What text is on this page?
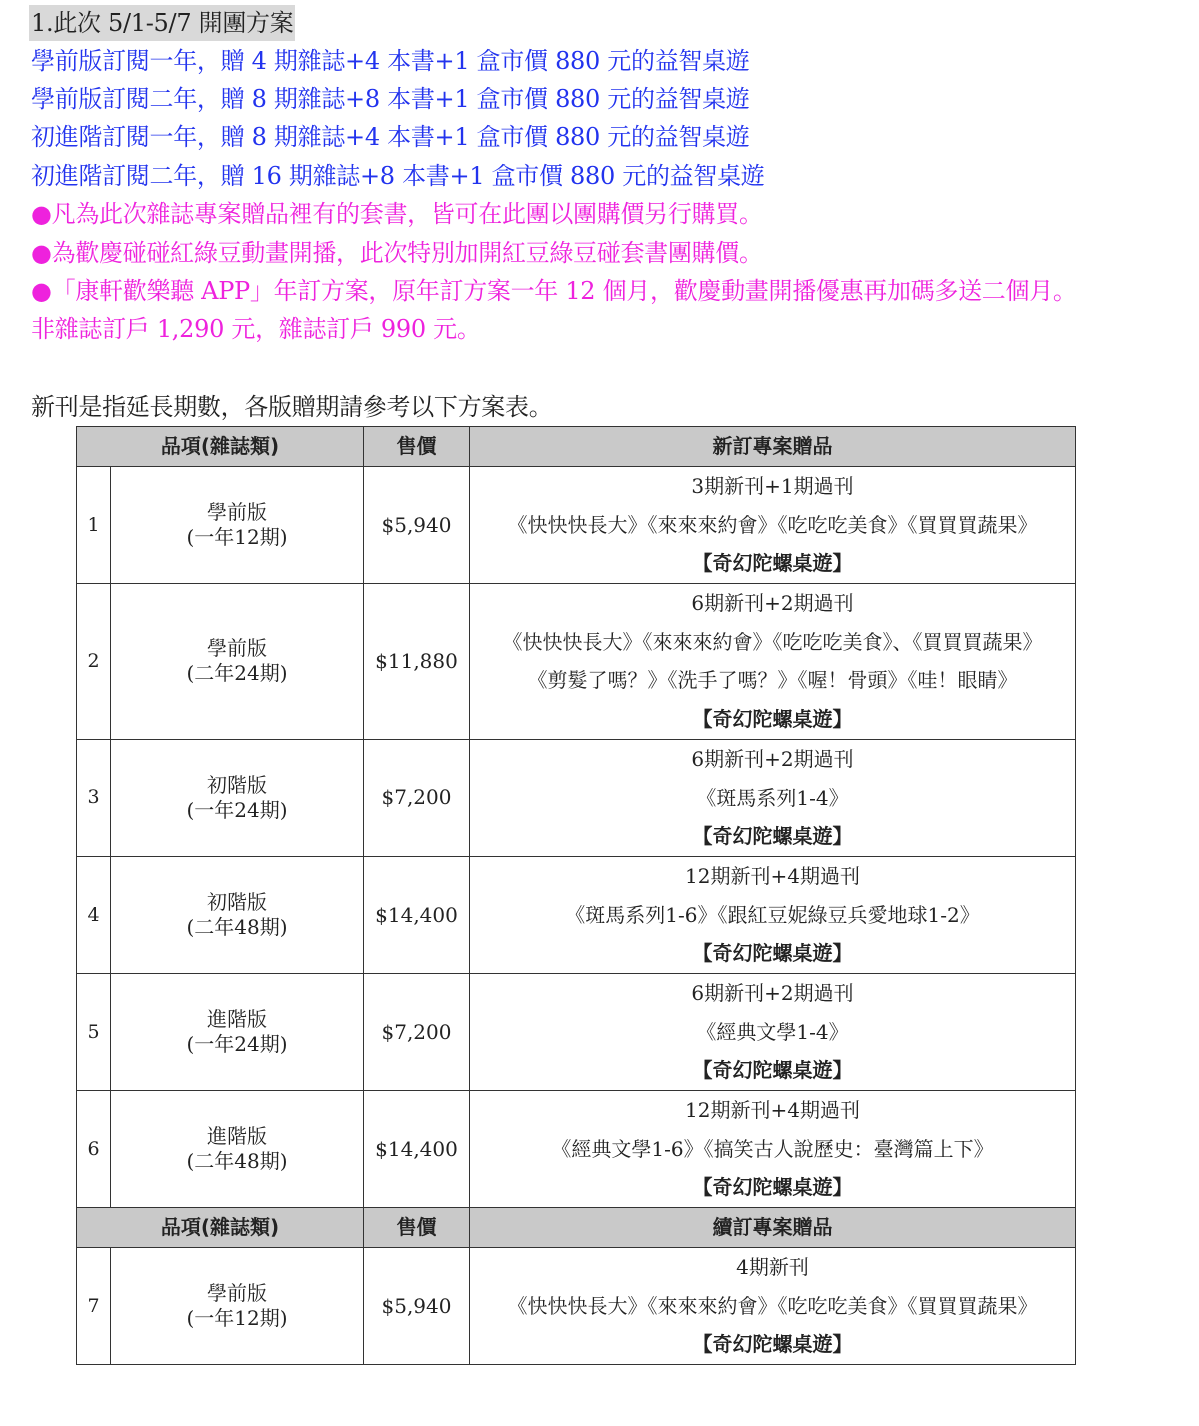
1.此次 5/1-5/7 開團方案
學前版訂閱一年，贈 4 期雜誌+4 本書+1 盒市價 880 元的益智桌遊
學前版訂閱二年，贈 8 期雜誌+8 本書+1 盒市價 880 元的益智桌遊
初進階訂閱一年，贈 8 期雜誌+4 本書+1 盒市價 880 元的益智桌遊
初進階訂閱二年，贈 16 期雜誌+8 本書+1 盒市價 880 元的益智桌遊
●凡為此次雜誌專案贈品裡有的套書，皆可在此團以團購價另行購買。
●為歡慶碰碰紅綠豆動畫開播，此次特別加開紅豆綠豆碰套書團購價。
●「康軒歡樂聽 APP」年訂方案，原年訂方案一年 12 個月，歡慶動畫開播優惠再加碼多送二個月。
非雜誌訂戶 1,290 元，雜誌訂戶 990 元。
新刊是指延長期數，各版贈期請參考以下方案表。
品項(雜誌類)		售價	新訂專案贈品
1	學前版
(一年12期)	$5,940	3期新刊+1期過刊
《快快快長大》《來來來約會》《吃吃吃美食》《買買買蔬果》
【奇幻陀螺桌遊】

2	學前版
(二年24期)	$11,880	6期新刊+2期過刊
《快快快長大》《來來來約會》《吃吃吃美食》、《買買買蔬果》
《剪髮了嗎？》《洗手了嗎？》《喔！骨頭》《哇！眼睛》
【奇幻陀螺桌遊】

3	初階版
(一年24期)	$7,200	6期新刊+2期過刊
《斑馬系列1-4》
【奇幻陀螺桌遊】

4	初階版
(二年48期)	$14,400	12期新刊+4期過刊
《斑馬系列1-6》《跟紅豆妮綠豆兵愛地球1-2》
【奇幻陀螺桌遊】

5	進階版
(一年24期)	$7,200	6期新刊+2期過刊
《經典文學1-4》
【奇幻陀螺桌遊】

6	進階版
(二年48期)	$14,400	12期新刊+4期過刊
《經典文學1-6》《搞笑古人說歷史：臺灣篇上下》
【奇幻陀螺桌遊】

品項(雜誌類)		售價	續訂專案贈品
7	學前版
(一年12期)	$5,940	4期新刊
《快快快長大》《來來來約會》《吃吃吃美食》《買買買蔬果》
【奇幻陀螺桌遊】
